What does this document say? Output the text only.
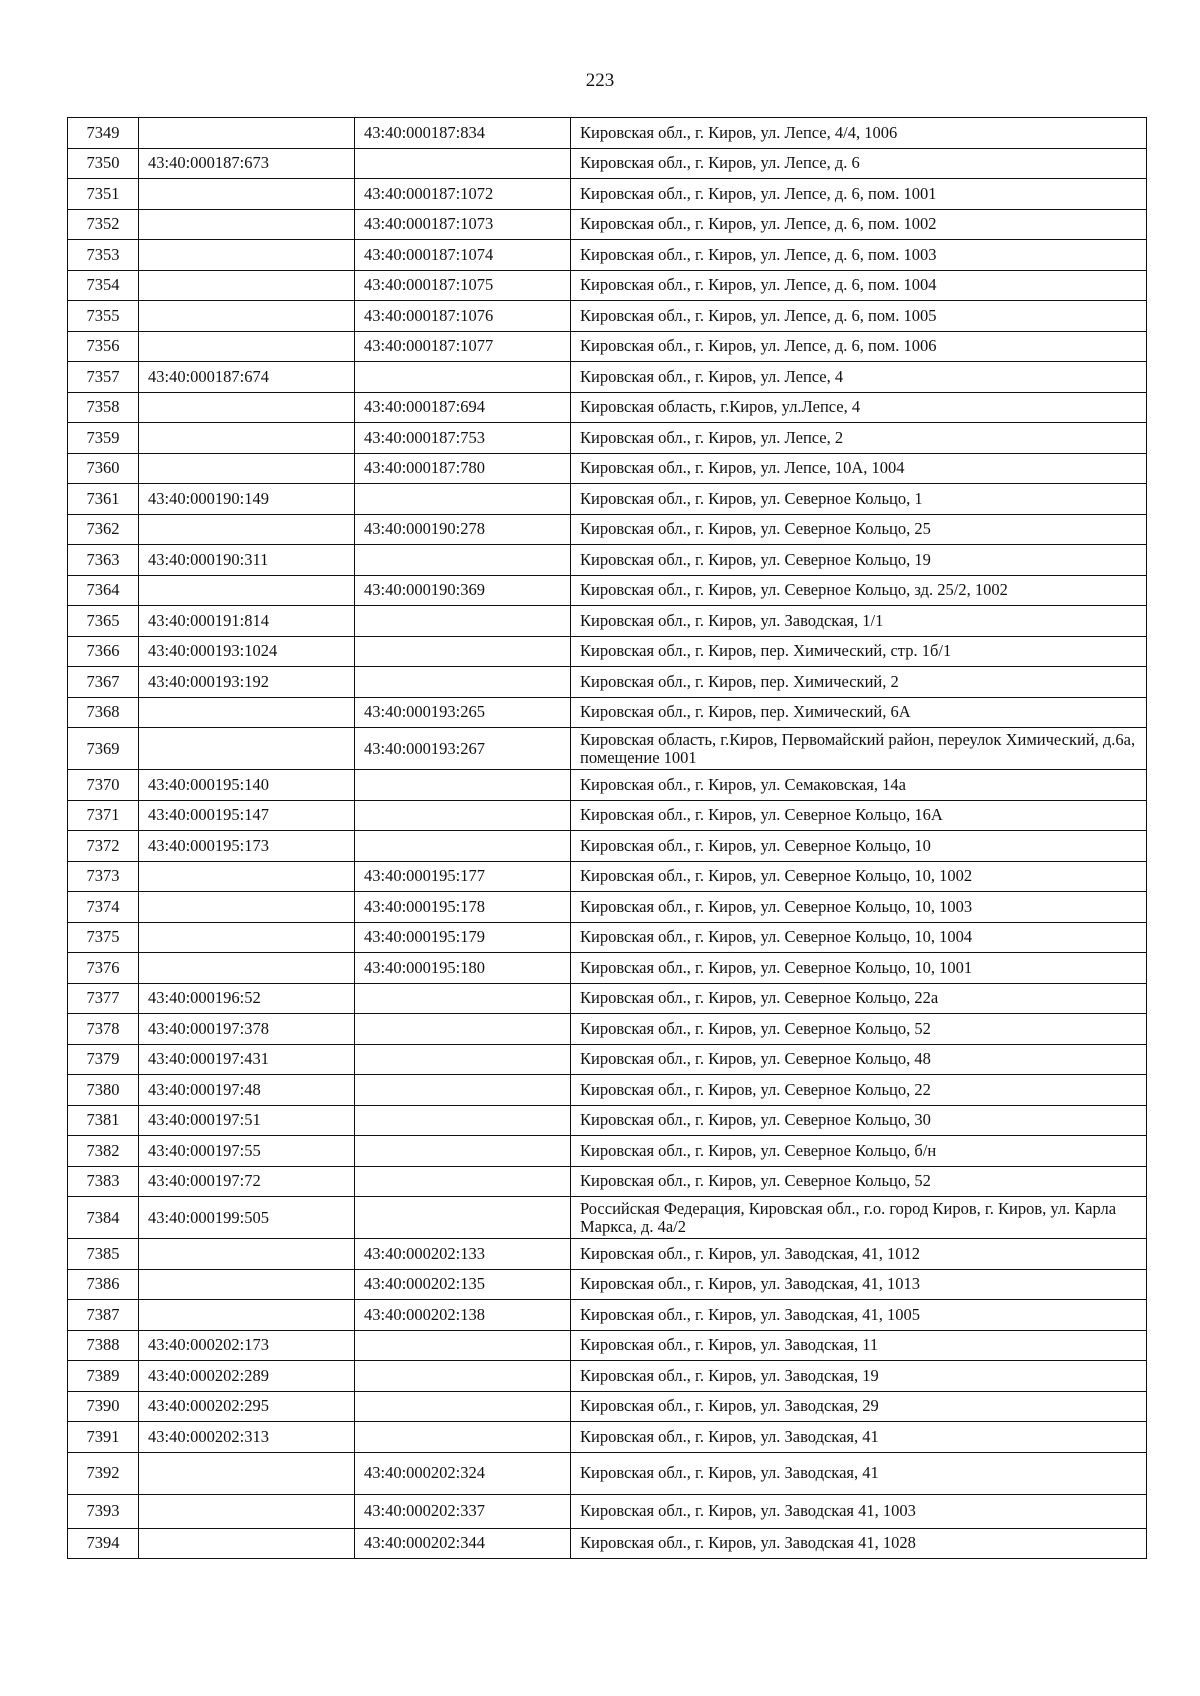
223
7349		43:40:000187:834	Кировская обл., г. Киров, ул. Лепсе, 4/4, 1006
7350	43:40:000187:673		Кировская обл., г. Киров, ул. Лепсе, д. 6
7351		43:40:000187:1072	Кировская обл., г. Киров, ул. Лепсе, д. 6, пом. 1001
7352		43:40:000187:1073	Кировская обл., г. Киров, ул. Лепсе, д. 6, пом. 1002
7353		43:40:000187:1074	Кировская обл., г. Киров, ул. Лепсе, д. 6, пом. 1003
7354		43:40:000187:1075	Кировская обл., г. Киров, ул. Лепсе, д. 6, пом. 1004
7355		43:40:000187:1076	Кировская обл., г. Киров, ул. Лепсе, д. 6, пом. 1005
7356		43:40:000187:1077	Кировская обл., г. Киров, ул. Лепсе, д. 6, пом. 1006
7357	43:40:000187:674		Кировская обл., г. Киров, ул. Лепсе, 4
7358		43:40:000187:694	Кировская область, г.Киров, ул.Лепсе, 4
7359		43:40:000187:753	Кировская обл., г. Киров, ул. Лепсе, 2
7360		43:40:000187:780	Кировская обл., г. Киров, ул. Лепсе, 10А, 1004
7361	43:40:000190:149		Кировская обл., г. Киров, ул. Северное Кольцо, 1
7362		43:40:000190:278	Кировская обл., г. Киров, ул. Северное Кольцо, 25
7363	43:40:000190:311		Кировская обл., г. Киров, ул. Северное Кольцо, 19
7364		43:40:000190:369	Кировская обл., г. Киров, ул. Северное Кольцо, зд. 25/2, 1002
7365	43:40:000191:814		Кировская обл., г. Киров, ул. Заводская, 1/1
7366	43:40:000193:1024		Кировская обл., г. Киров, пер. Химический, стр. 1б/1
7367	43:40:000193:192		Кировская обл., г. Киров, пер. Химический, 2
7368		43:40:000193:265	Кировская обл., г. Киров, пер. Химический, 6А
7369		43:40:000193:267	Кировская область, г.Киров, Первомайский район, переулок Химический, д.6а, помещение 1001
7370	43:40:000195:140		Кировская обл., г. Киров, ул. Семаковская, 14а
7371	43:40:000195:147		Кировская обл., г. Киров, ул. Северное Кольцо, 16А
7372	43:40:000195:173		Кировская обл., г. Киров, ул. Северное Кольцо, 10
7373		43:40:000195:177	Кировская обл., г. Киров, ул. Северное Кольцо, 10, 1002
7374		43:40:000195:178	Кировская обл., г. Киров, ул. Северное Кольцо, 10, 1003
7375		43:40:000195:179	Кировская обл., г. Киров, ул. Северное Кольцо, 10, 1004
7376		43:40:000195:180	Кировская обл., г. Киров, ул. Северное Кольцо, 10, 1001
7377	43:40:000196:52		Кировская обл., г. Киров, ул. Северное Кольцо, 22а
7378	43:40:000197:378		Кировская обл., г. Киров, ул. Северное Кольцо, 52
7379	43:40:000197:431		Кировская обл., г. Киров, ул. Северное Кольцо, 48
7380	43:40:000197:48		Кировская обл., г. Киров, ул. Северное Кольцо, 22
7381	43:40:000197:51		Кировская обл., г. Киров, ул. Северное Кольцо, 30
7382	43:40:000197:55		Кировская обл., г. Киров, ул. Северное Кольцо, б/н
7383	43:40:000197:72		Кировская обл., г. Киров, ул. Северное Кольцо, 52
7384	43:40:000199:505		Российская Федерация, Кировская обл., г.о. город Киров, г. Киров, ул. Карла Маркса, д. 4а/2
7385		43:40:000202:133	Кировская обл., г. Киров, ул. Заводская, 41, 1012
7386		43:40:000202:135	Кировская обл., г. Киров, ул. Заводская, 41, 1013
7387		43:40:000202:138	Кировская обл., г. Киров, ул. Заводская, 41, 1005
7388	43:40:000202:173		Кировская обл., г. Киров, ул. Заводская, 11
7389	43:40:000202:289		Кировская обл., г. Киров, ул. Заводская, 19
7390	43:40:000202:295		Кировская обл., г. Киров, ул. Заводская, 29
7391	43:40:000202:313		Кировская обл., г. Киров, ул. Заводская, 41
7392		43:40:000202:324	Кировская обл., г. Киров, ул. Заводская, 41
7393		43:40:000202:337	Кировская обл., г. Киров, ул. Заводская 41, 1003
7394		43:40:000202:344	Кировская обл., г. Киров, ул. Заводская 41, 1028
